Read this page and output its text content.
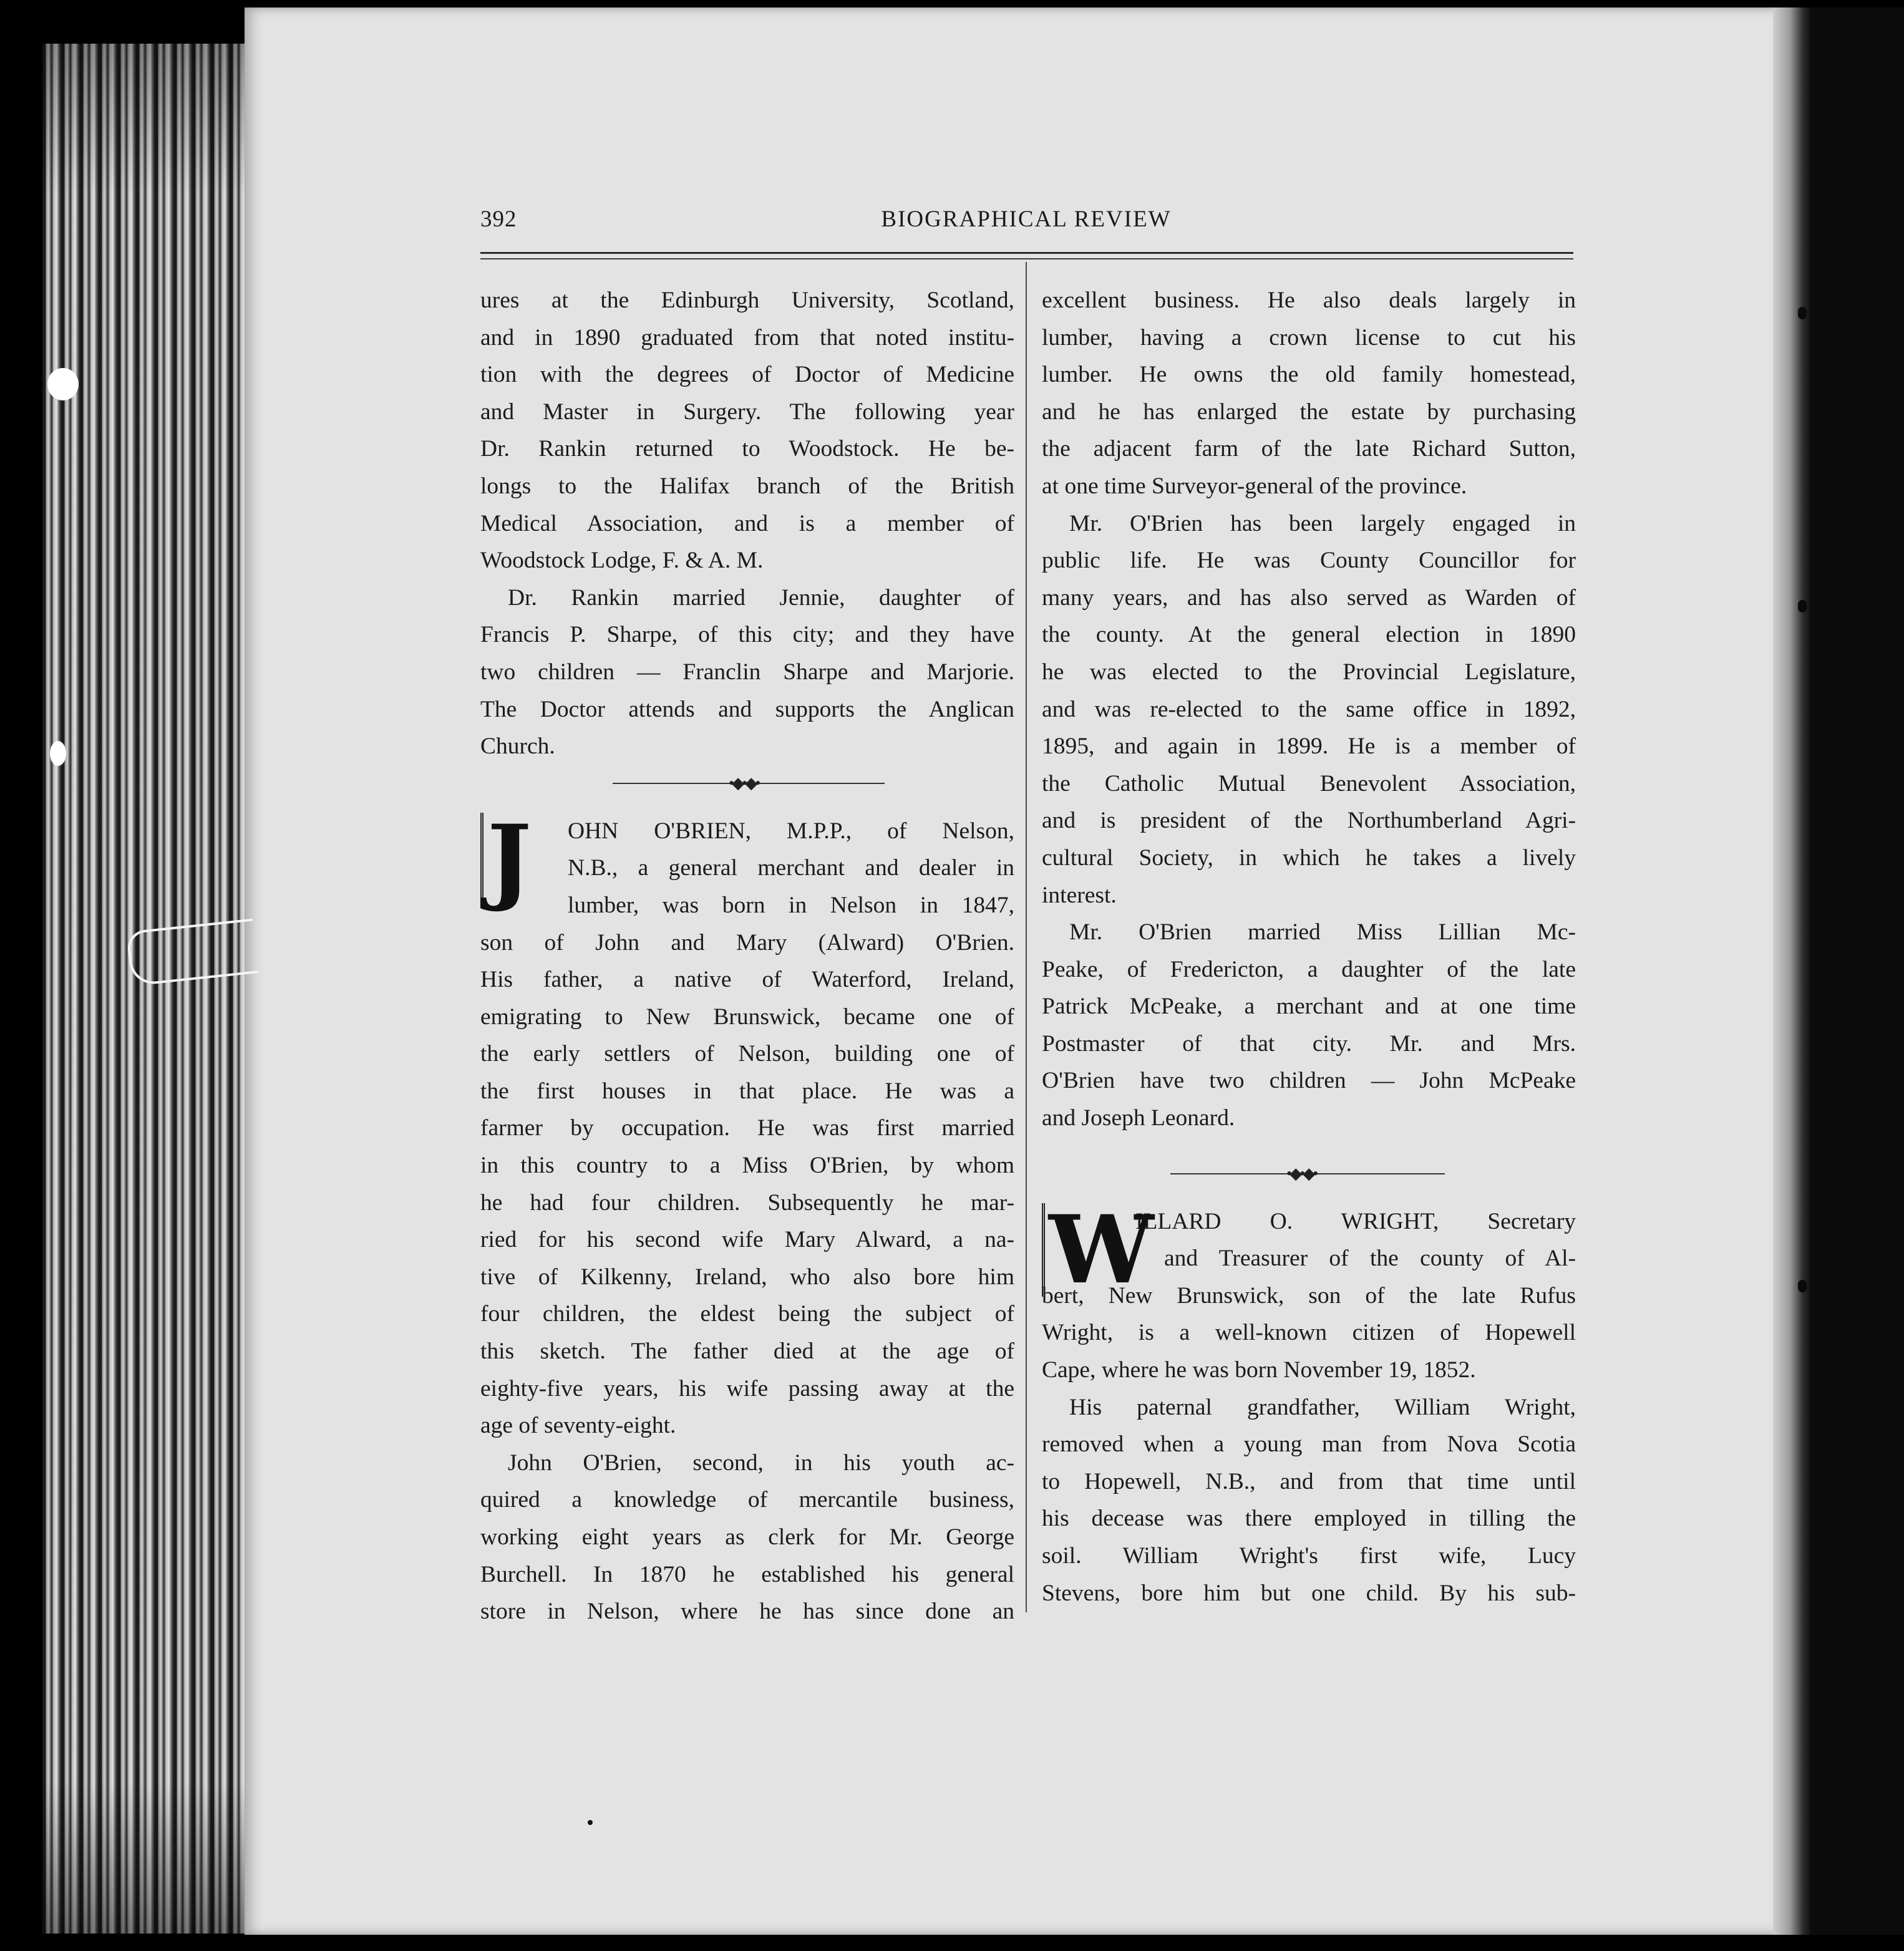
392	BIOGRAPHICAL REVIEW
ures at the Edinburgh University, Scotland,
and in 1890 graduated from that noted institu-
tion with the degrees of Doctor of Medicine
and Master in Surgery. The following year
Dr. Rankin returned to Woodstock. He be-
longs to the Halifax branch of the British
Medical Association, and is a member of
Woodstock Lodge, F. & A. M.
Dr. Rankin married Jennie, daughter of
Francis P. Sharpe, of this city; and they have
two children — Franclin Sharpe and Marjorie.
The Doctor attends and supports the Anglican
Church.
•◆•◆•
J	OHN O'BRIEN, M.P.P., of Nelson,
N.B., a general merchant and dealer in
lumber, was born in Nelson in 1847,
son of John and Mary (Alward) O'Brien.
His father, a native of Waterford, Ireland,
emigrating to New Brunswick, became one of
the early settlers of Nelson, building one of
the first houses in that place. He was a
farmer by occupation. He was first married
in this country to a Miss O'Brien, by whom
he had four children. Subsequently he mar-
ried for his second wife Mary Alward, a na-
tive of Kilkenny, Ireland, who also bore him
four children, the eldest being the subject of
this sketch. The father died at the age of
eighty-five years, his wife passing away at the
age of seventy-eight.
John O'Brien, second, in his youth ac-
quired a knowledge of mercantile business,
working eight years as clerk for Mr. George
Burchell. In 1870 he established his general
store in Nelson, where he has since done an
excellent business. He also deals largely in
lumber, having a crown license to cut his
lumber. He owns the old family homestead,
and he has enlarged the estate by purchasing
the adjacent farm of the late Richard Sutton,
at one time Surveyor-general of the province.
Mr. O'Brien has been largely engaged in
public life. He was County Councillor for
many years, and has also served as Warden of
the county. At the general election in 1890
he was elected to the Provincial Legislature,
and was re-elected to the same office in 1892,
1895, and again in 1899. He is a member of
the Catholic Mutual Benevolent Association,
and is president of the Northumberland Agri-
cultural Society, in which he takes a lively
interest.
Mr. O'Brien married Miss Lillian Mc-
Peake, of Fredericton, a daughter of the late
Patrick McPeake, a merchant and at one time
Postmaster of that city. Mr. and Mrs.
O'Brien have two children — John McPeake
and Joseph Leonard.
•◆•◆•
W
ILLARD O. WRIGHT, Secretary
and Treasurer of the county of Al-
bert, New Brunswick, son of the late Rufus
Wright, is a well-known citizen of Hopewell
Cape, where he was born November 19, 1852.
His paternal grandfather, William Wright,
removed when a young man from Nova Scotia
to Hopewell, N.B., and from that time until
his decease was there employed in tilling the
soil. William Wright's first wife, Lucy
Stevens, bore him but one child. By his sub-
